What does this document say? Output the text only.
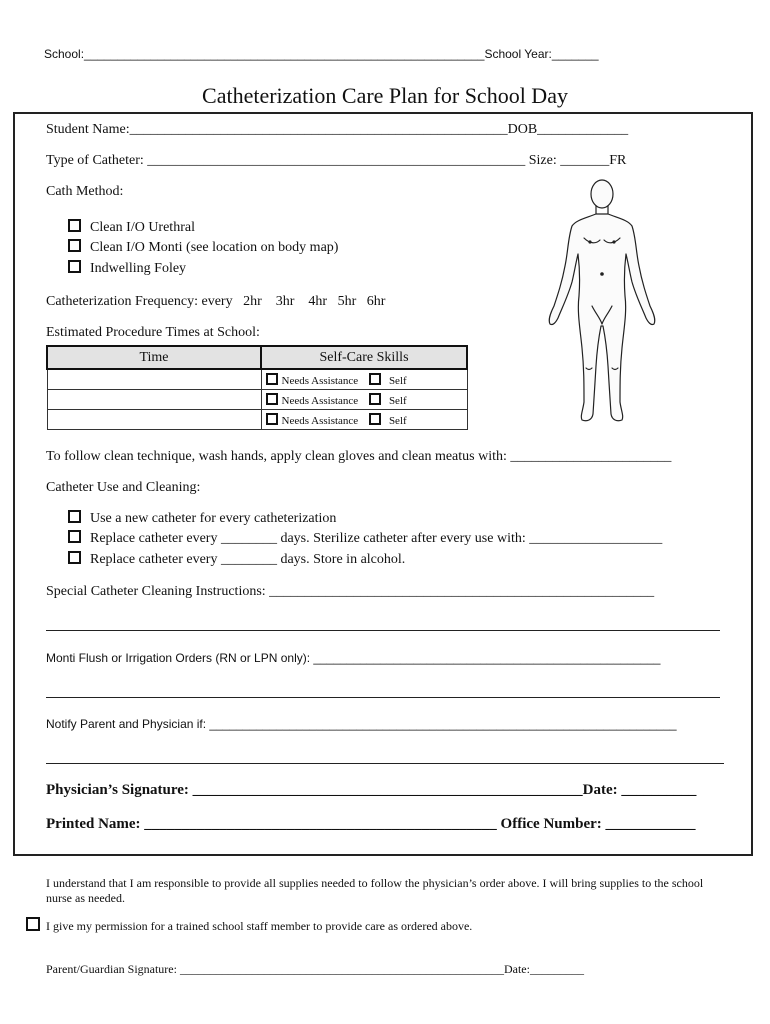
School:____________________________________________________________School Year:_______
Catheterization Care Plan for School Day
Student Name:______________________________________________________DOB_____________
Type of Catheter: ______________________________________________________ Size: _______FR
Cath Method:
Clean I/O Urethral
Clean I/O Monti (see location on body map)
Indwelling Foley
Catheterization Frequency: every   2hr    3hr    4hr   5hr   6hr
Estimated Procedure Times at School:
Time	Self-Care Skills
	Needs Assistance Self
	Needs Assistance Self
	Needs Assistance Self
To follow clean technique, wash hands, apply clean gloves and clean meatus with: _______________________
Catheter Use and Cleaning:
Use a new catheter for every catheterization
Replace catheter every ________ days. Sterilize catheter after every use with: ___________________
Replace catheter every ________ days. Store in alcohol.
Special Catheter Cleaning Instructions: _______________________________________________________
Monti Flush or Irrigation Orders (RN or LPN only): ____________________________________________________
Notify Parent and Physician if: ______________________________________________________________________
Physician’s Signature: ____________________________________________________Date: __________
Printed Name: _______________________________________________ Office Number: ____________
I understand that I am responsible to provide all supplies needed to follow the physician’s order above. I will bring supplies to the school nurse as needed.
I give my permission for a trained school staff member to provide care as ordered above.
Parent/Guardian Signature: ______________________________________________________Date:_________
